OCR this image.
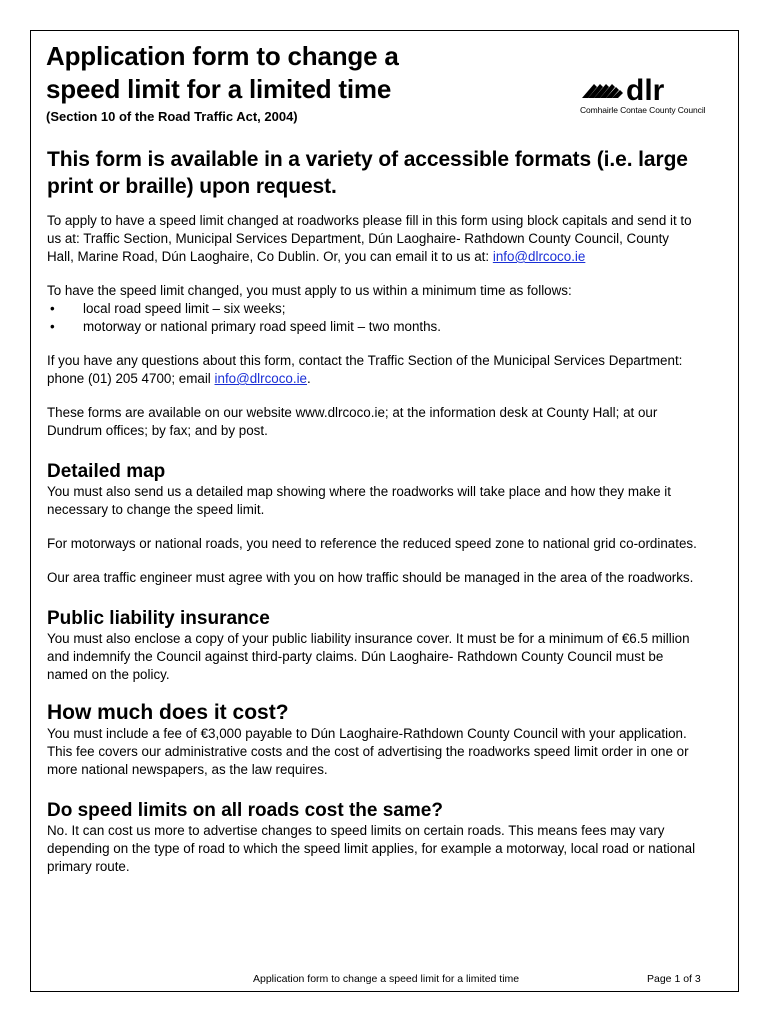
Application form to change a
speed limit for a limited time

(Section 10 of the Road Traffic Act, 2004)

dlr
Comhairle Contae County Council
This form is available in a variety of accessible formats (i.e. large print or braille) upon request.

To apply to have a speed limit changed at roadworks please fill in this form using block capitals and send it to us at: Traffic Section, Municipal Services Department, Dún Laoghaire- Rathdown County Council, County Hall, Marine Road, Dún Laoghaire, Co Dublin. Or, you can email it to us at: info@dlrcoco.ie

To have the speed limit changed, you must apply to us within a minimum time as follows:

• local road speed limit – six weeks;
• motorway or national primary road speed limit – two months.

If you have any questions about this form, contact the Traffic Section of the Municipal Services Department: phone (01) 205 4700; email info@dlrcoco.ie.

These forms are available on our website www.dlrcoco.ie; at the information desk at County Hall; at our Dundrum offices; by fax; and by post.

Detailed map

You must also send us a detailed map showing where the roadworks will take place and how they make it necessary to change the speed limit.

For motorways or national roads, you need to reference the reduced speed zone to national grid co-ordinates.

Our area traffic engineer must agree with you on how traffic should be managed in the area of the roadworks.

Public liability insurance

You must also enclose a copy of your public liability insurance cover. It must be for a minimum of €6.5 million and indemnify the Council against third-party claims. Dún Laoghaire- Rathdown County Council must be named on the policy.

How much does it cost?

You must include a fee of €3,000 payable to Dún Laoghaire-Rathdown County Council with your application. This fee covers our administrative costs and the cost of advertising the roadworks speed limit order in one or more national newspapers, as the law requires.

Do speed limits on all roads cost the same?

No. It can cost us more to advertise changes to speed limits on certain roads. This means fees may vary depending on the type of road to which the speed limit applies, for example a motorway, local road or national primary route.

Application form to change a speed limit for a limited time	Page 1 of 3
